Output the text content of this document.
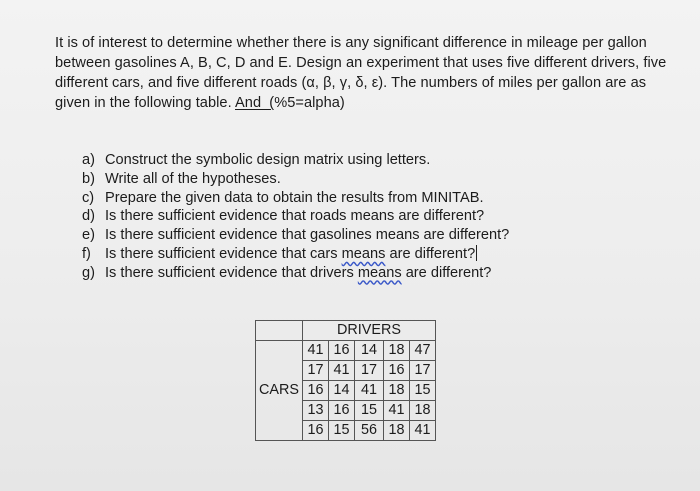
It is of interest to determine whether there is any significant difference in mileage per gallon
between gasolines A, B, C, D and E. Design an experiment that uses five different drivers, five
different cars, and five different roads (α, β, γ, δ, ε). The numbers of miles per gallon are as
given in the following table. And_(%5=alpha)

a) Construct the symbolic design matrix using letters.
b) Write all of the hypotheses.
c) Prepare the given data to obtain the results from MINITAB.
d) Is there sufficient evidence that roads means are different?
e) Is there sufficient evidence that gasolines means are different?
f) Is there sufficient evidence that cars means are different?
g) Is there sufficient evidence that drivers means are different?
	DRIVERS				
CARS	41	16	14	18	47
	17	41	17	16	17
	16	14	41	18	15
	13	16	15	41	18
	16	15	56	18	41
